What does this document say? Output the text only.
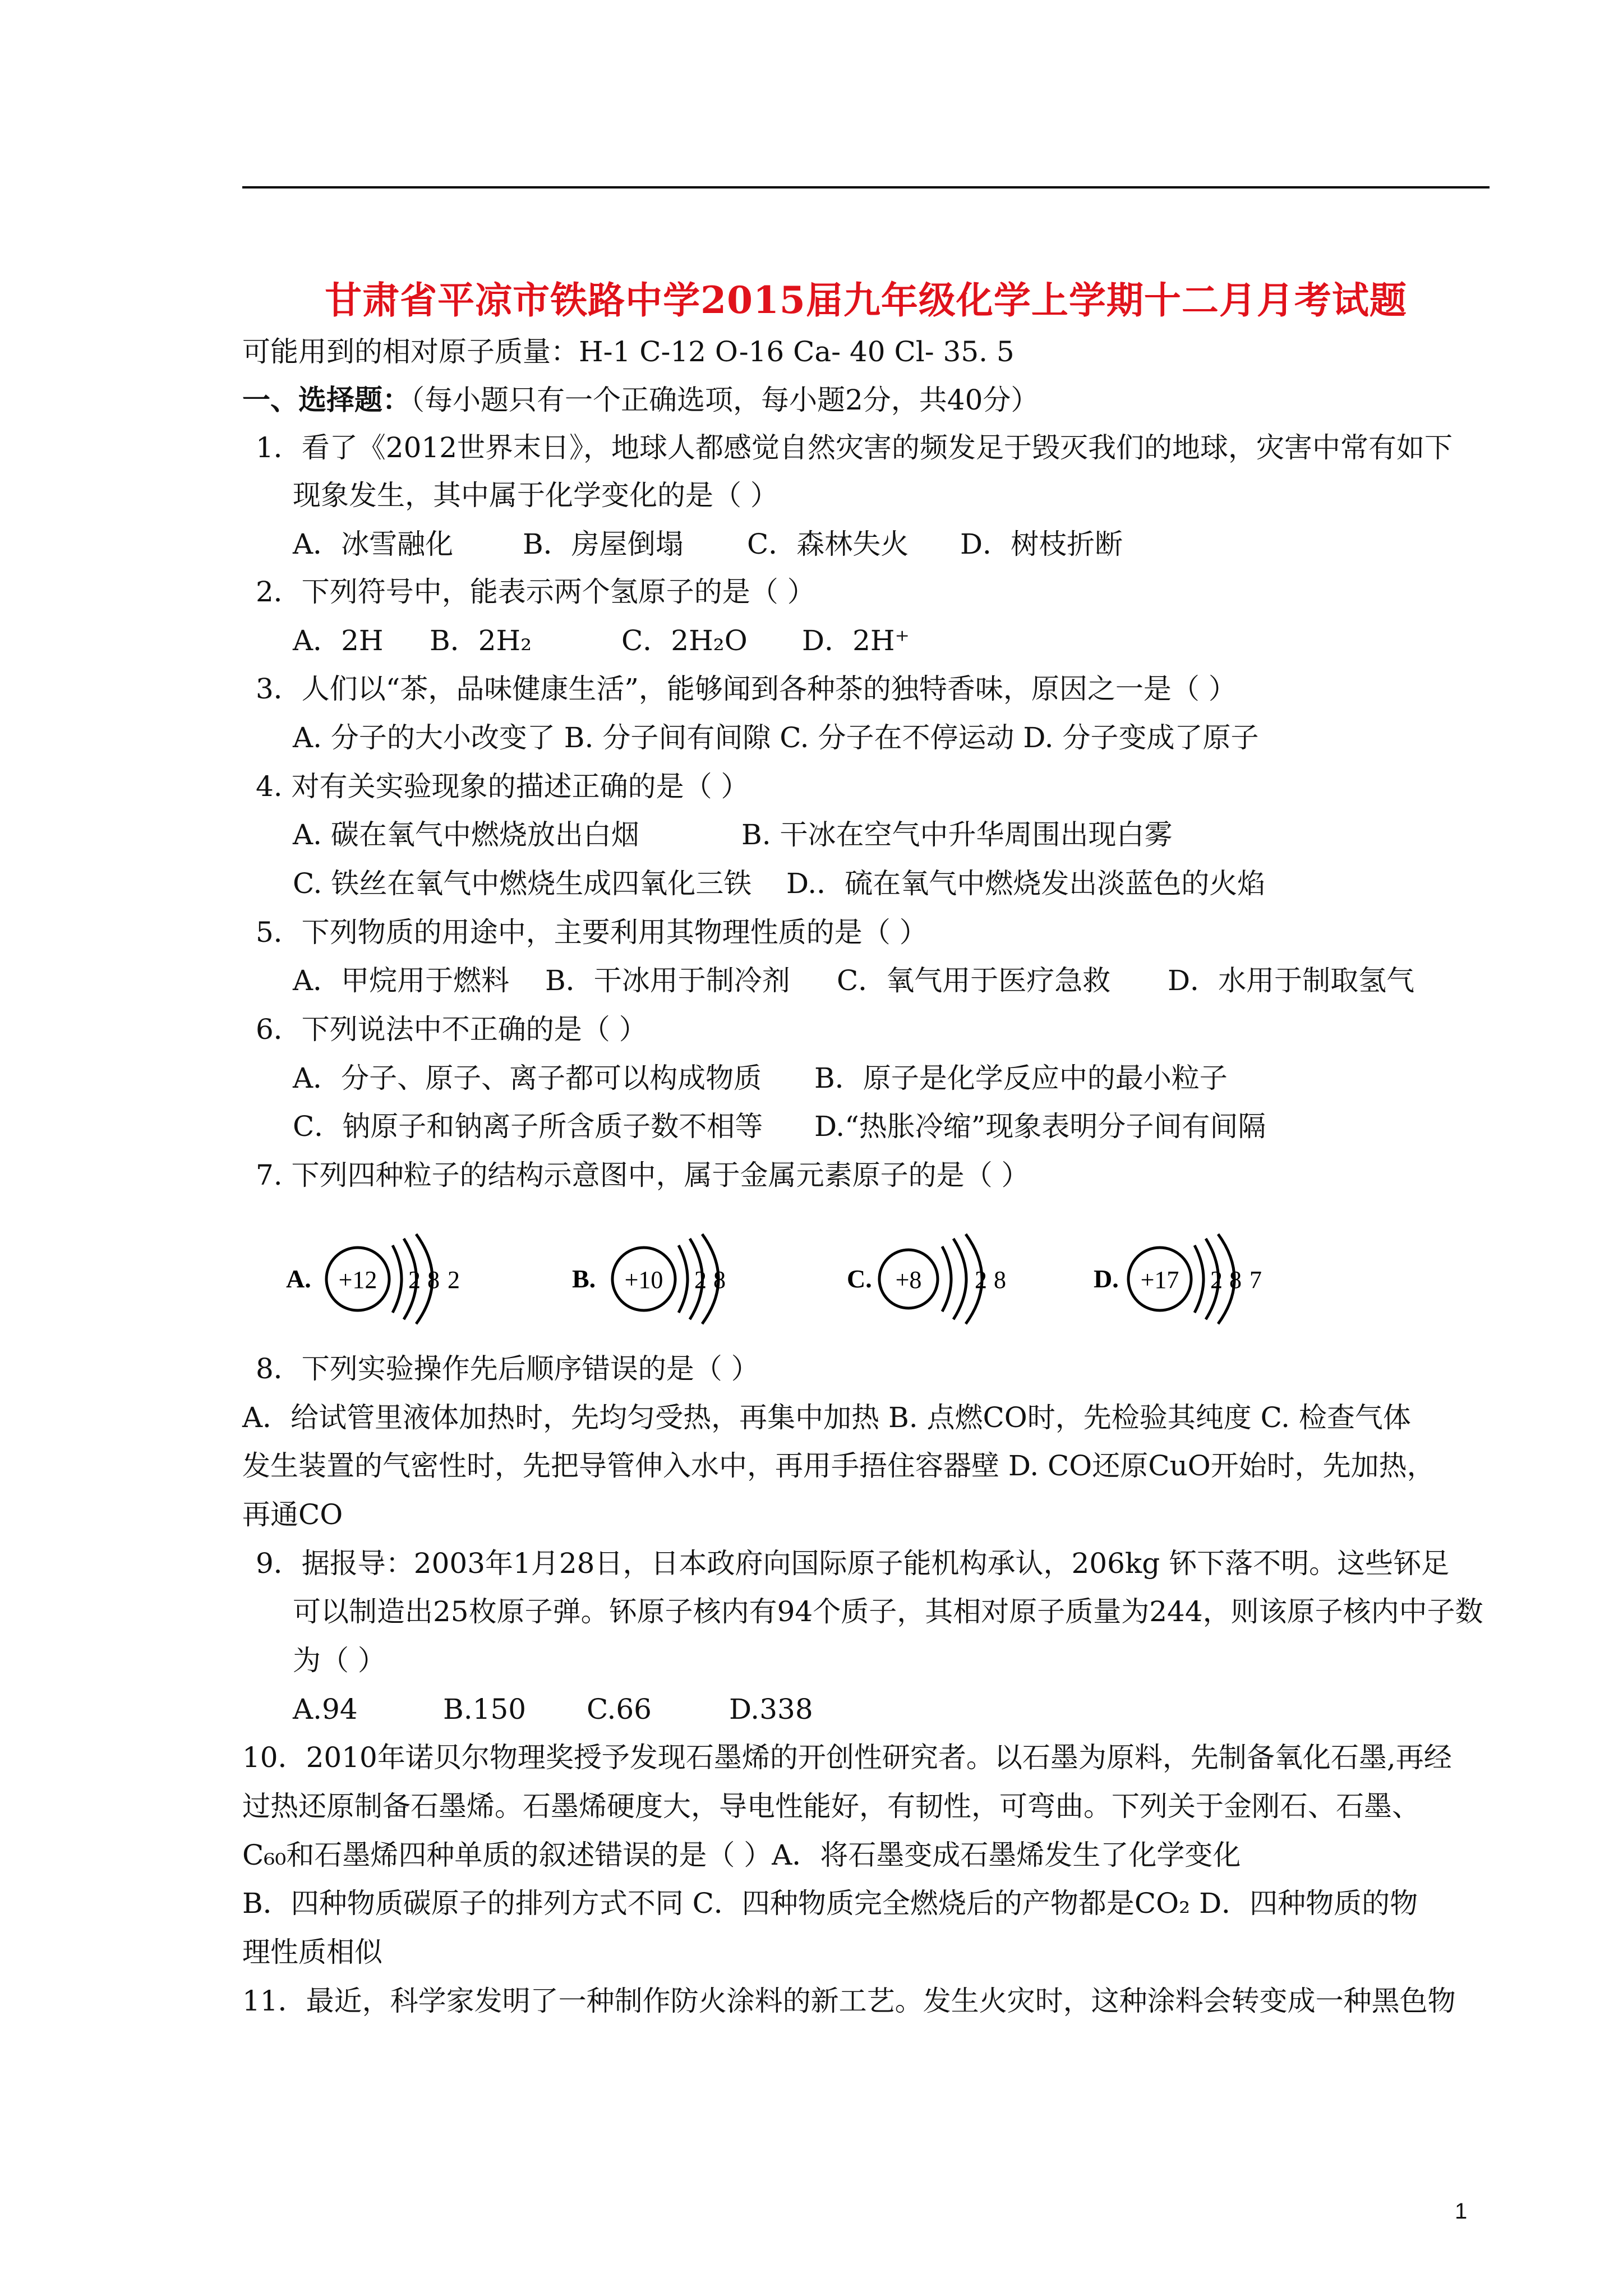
甘肃省平凉市铁路中学2015届九年级化学上学期十二月月考试题
可能用到的相对原子质量：H-1 C-12 O-16 Ca- 40 Cl- 35. 5
一、选择题：（每小题只有一个正确选项，每小题2分，共40分）
1．看了《2012世界末日》，地球人都感觉自然灾害的频发足于毁灭我们的地球，灾害中常有如下
现象发生，其中属于化学变化的是（ ）
A．冰雪融化 B．房屋倒塌 C．森林失火 D．树枝折断
2．下列符号中，能表示两个氢原子的是（ ）
A．2H B．2H₂	C．2H₂O D．2H⁺
3．人们以“茶，品味健康生活”，能够闻到各种茶的独特香味，原因之一是（ ）
A. 分子的大小改变了 B. 分子间有间隙 C. 分子在不停运动 D. 分子变成了原子
4. 对有关实验现象的描述正确的是（ ）
A. 碳在氧气中燃烧放出白烟	B. 干冰在空气中升华周围出现白雾
C. 铁丝在氧气中燃烧生成四氧化三铁 D.．硫在氧气中燃烧发出淡蓝色的火焰
5．下列物质的用途中，主要利用其物理性质的是（ ）
A．甲烷用于燃料 B．干冰用于制冷剂 C．氧气用于医疗急救 D．水用于制取氢气
6．下列说法中不正确的是（ ）
A．分子、原子、离子都可以构成物质 B．原子是化学反应中的最小粒子
C．钠原子和钠离子所含质子数不相等 D.“热胀冷缩”现象表明分子间有间隔
7. 下列四种粒子的结构示意图中，属于金属元素原子的是（ ）
A. +12 2 8 2	B. +10 2 8	C. +8 2 8	D. +17 2 8 7
8．下列实验操作先后顺序错误的是（ ）
A．给试管里液体加热时，先均匀受热，再集中加热 B. 点燃CO时，先检验其纯度 C. 检查气体
发生装置的气密性时，先把导管伸入水中，再用手捂住容器壁 D. CO还原CuO开始时，先加热，
再通CO
9．据报导：2003年1月28日，日本政府向国际原子能机构承认，206kg 钚下落不明。这些钚足
可以制造出25枚原子弹。钚原子核内有94个质子，其相对原子质量为244，则该原子核内中子数
为（ ）
A.94	B.150 C.66	D.338
10．2010年诺贝尔物理奖授予发现石墨烯的开创性研究者。以石墨为原料，先制备氧化石墨,再经
过热还原制备石墨烯。石墨烯硬度大，导电性能好，有韧性，可弯曲。下列关于金刚石、石墨、
C₆₀和石墨烯四种单质的叙述错误的是（ ）A．将石墨变成石墨烯发生了化学变化
B．四种物质碳原子的排列方式不同 C．四种物质完全燃烧后的产物都是CO₂ D．四种物质的物
理性质相似
11．最近，科学家发明了一种制作防火涂料的新工艺。发生火灾时，这种涂料会转变成一种黑色物
1
